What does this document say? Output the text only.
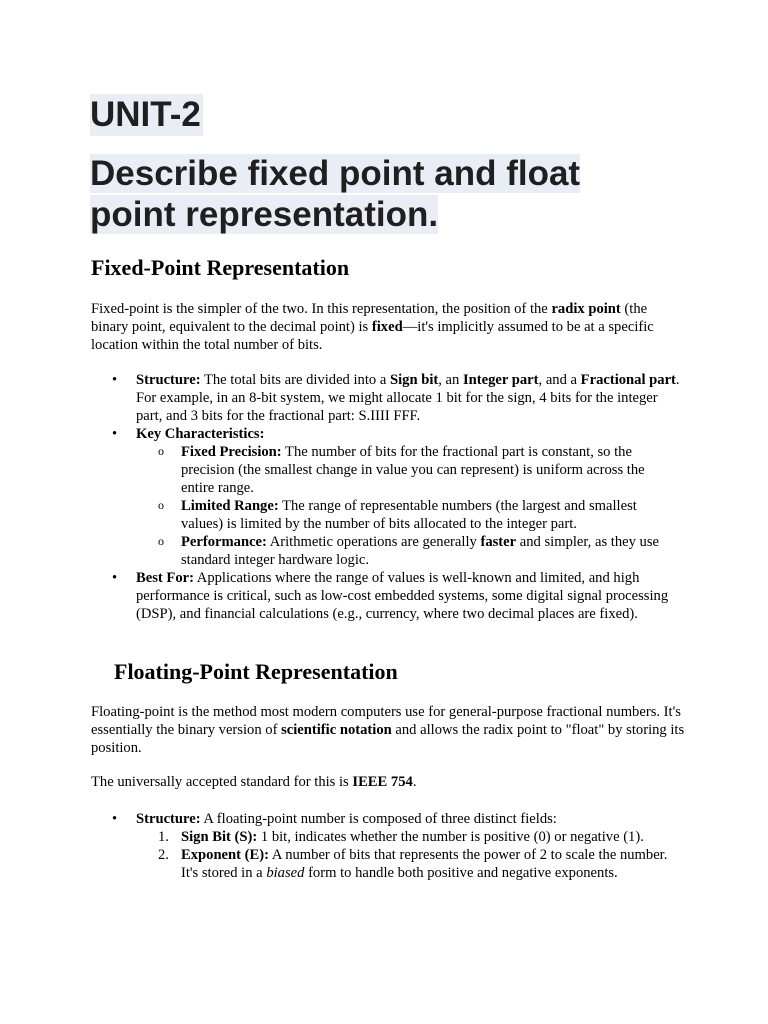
UNIT-2
Describe fixed point and float point representation.
Fixed-Point Representation

Fixed-point is the simpler of the two. In this representation, the position of the radix point (the binary point, equivalent to the decimal point) is fixed—it's implicitly assumed to be at a specific location within the total number of bits.

• Structure: The total bits are divided into a Sign bit, an Integer part, and a Fractional part. For example, in an 8-bit system, we might allocate 1 bit for the sign, 4 bits for the integer part, and 3 bits for the fractional part: S.IIII FFF.
• Key Characteristics:
o Fixed Precision: The number of bits for the fractional part is constant, so the precision (the smallest change in value you can represent) is uniform across the entire range.
o Limited Range: The range of representable numbers (the largest and smallest values) is limited by the number of bits allocated to the integer part.
o Performance: Arithmetic operations are generally faster and simpler, as they use standard integer hardware logic.
• Best For: Applications where the range of values is well-known and limited, and high performance is critical, such as low-cost embedded systems, some digital signal processing (DSP), and financial calculations (e.g., currency, where two decimal places are fixed).
Floating-Point Representation

Floating-point is the method most modern computers use for general-purpose fractional numbers. It's essentially the binary version of scientific notation and allows the radix point to "float" by storing its position.

The universally accepted standard for this is IEEE 754.

• Structure: A floating-point number is composed of three distinct fields:
1. Sign Bit (S): 1 bit, indicates whether the number is positive (0) or negative (1).
2. Exponent (E): A number of bits that represents the power of 2 to scale the number. It's stored in a biased form to handle both positive and negative exponents.
